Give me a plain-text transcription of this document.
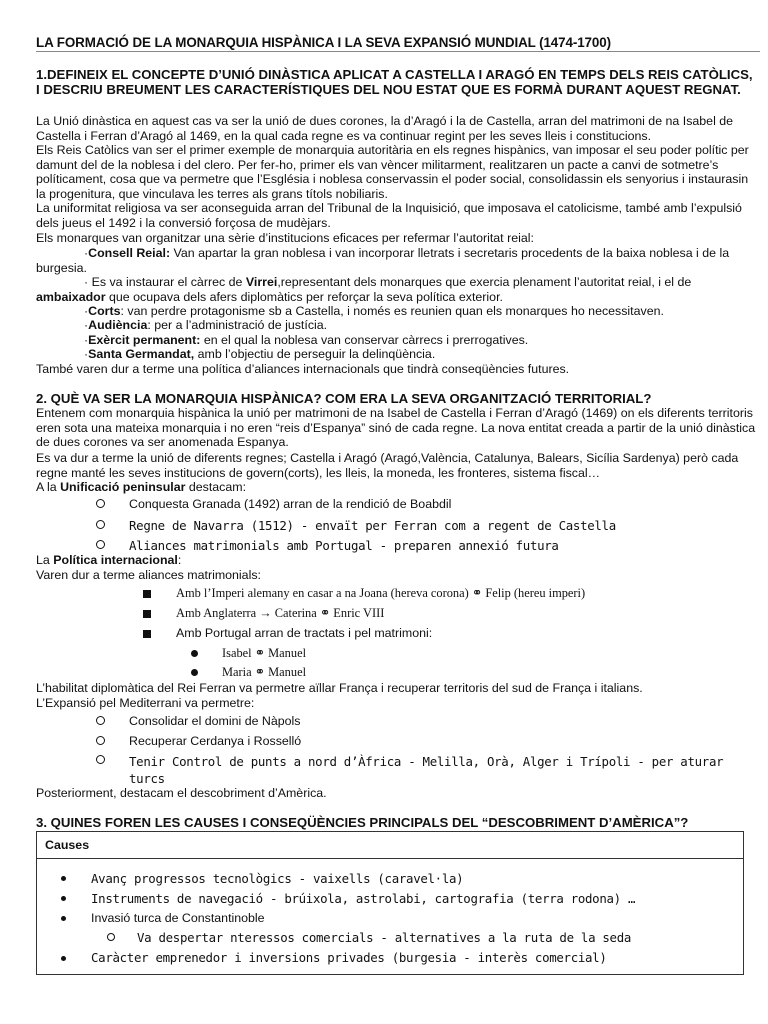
LA FORMACIÓ DE LA MONARQUIA HISPÀNICA I LA SEVA EXPANSIÓ MUNDIAL (1474-1700)
1.DEFINEIX EL CONCEPTE D’UNIÓ DINÀSTICA APLICAT A CASTELLA I ARAGÓ EN TEMPS DELS REIS CATÒLICS, I DESCRIU BREUMENT LES CARACTERÍSTIQUES DEL NOU ESTAT QUE ES FORMÀ DURANT AQUEST REGNAT.

La Unió dinàstica en aquest cas va ser la unió de dues corones, la d’Aragó i la de Castella, arran del matrimoni de na Isabel de Castella i Ferran d’Aragó al 1469, en la qual cada regne es va continuar regint per les seves lleis i constitucions.

Els Reis Catòlics van ser el primer exemple de monarquia autoritària en els regnes hispànics, van imposar el seu poder polític per damunt del de la noblesa i del clero. Per fer-ho, primer els van vèncer militarment, realitzaren un pacte a canvi de sotmetre’s políticament, cosa que va permetre que l’Església i noblesa conservassin el poder social, consolidassin els senyorius i instaurasin la progenitura, que vinculava les terres als grans títols nobiliaris.

La uniformitat religiosa va ser aconseguida arran del Tribunal de la Inquisició, que imposava el catolicisme, també amb l’expulsió dels jueus el 1492 i la conversió forçosa de mudèjars.

Els monarques van organitzar una sèrie d’institucions eficaces per refermar l’autoritat reial:

·Consell Reial: Van apartar la gran noblesa i van incorporar lletrats i secretaris procedents de la baixa noblesa i de la burgesia.

· Es va instaurar el càrrec de Virrei,representant dels monarques que exercia plenament l’autoritat reial, i el de ambaixador que ocupava dels afers diplomàtics per reforçar la seva política exterior.

·Corts: van perdre protagonisme sb a Castella, i només es reunien quan els monarques ho necessitaven.

·Audiència: per a l’administració de justícia.

·Exèrcit permanent: en el qual la noblesa van conservar càrrecs i prerrogatives.

·Santa Germandat, amb l’objectiu de perseguir la delinqüència.

També varen dur a terme una política d’aliances internacionals que tindrà conseqüències futures.

2. QUÈ VA SER LA MONARQUIA HISPÀNICA? COM ERA LA SEVA ORGANITZACIÓ TERRITORIAL?

Entenem com monarquia hispànica la unió per matrimoni de na Isabel de Castella i Ferran d’Aragó (1469) on els diferents territoris eren sota una mateixa monarquia i no eren “reis d’Espanya” sinó de cada regne. La nova entitat creada a partir de la unió dinàstica de dues corones va ser anomenada Espanya.

Es va dur a terme la unió de diferents regnes; Castella i Aragó (Aragó,València, Catalunya, Balears, Sicília Sardenya) però cada regne manté les seves institucions de govern(corts), les lleis, la moneda, les fronteres, sistema fiscal…

A la Unificació peninsular destacam:

Conquesta Granada (1492) arran de la rendició de Boabdil
Regne de Navarra (1512) - envaït per Ferran com a regent de Castella
Aliances matrimonials amb Portugal - preparen annexió futura

La Política internacional:

Varen dur a terme aliances matrimonials:

Amb l’Imperi alemany en casar a na Joana (hereva corona) ⚭ Felip (hereu imperi)
Amb Anglaterra → Caterina ⚭ Enric VIII
Amb Portugal arran de tractats i pel matrimoni:
Isabel ⚭ Manuel
Maria ⚭ Manuel

L’habilitat diplomàtica del Rei Ferran va permetre aïllar França i recuperar territoris del sud de França i italians.

L’Expansió pel Mediterrani va permetre:

Consolidar el domini de Nàpols
Recuperar Cerdanya i Rosselló
Tenir Control de punts a nord d’Àfrica - Melilla, Orà, Alger i Trípoli - per aturar
turcs

Posteriorment, destacam el descobriment d’Amèrica.

3. QUINES FOREN LES CAUSES I CONSEQÜÈNCIES PRINCIPALS DEL “DESCOBRIMENT D’AMÈRICA”?
Causes
Avanç progressos tecnològics - vaixells (caravel·la)
Instruments de navegació - brúixola, astrolabi, cartografia (terra rodona) …
Invasió turca de Constantinoble
Va despertar nteressos comercials - alternatives a la ruta de la seda
Caràcter emprenedor i inversions privades (burgesia - interès comercial)
